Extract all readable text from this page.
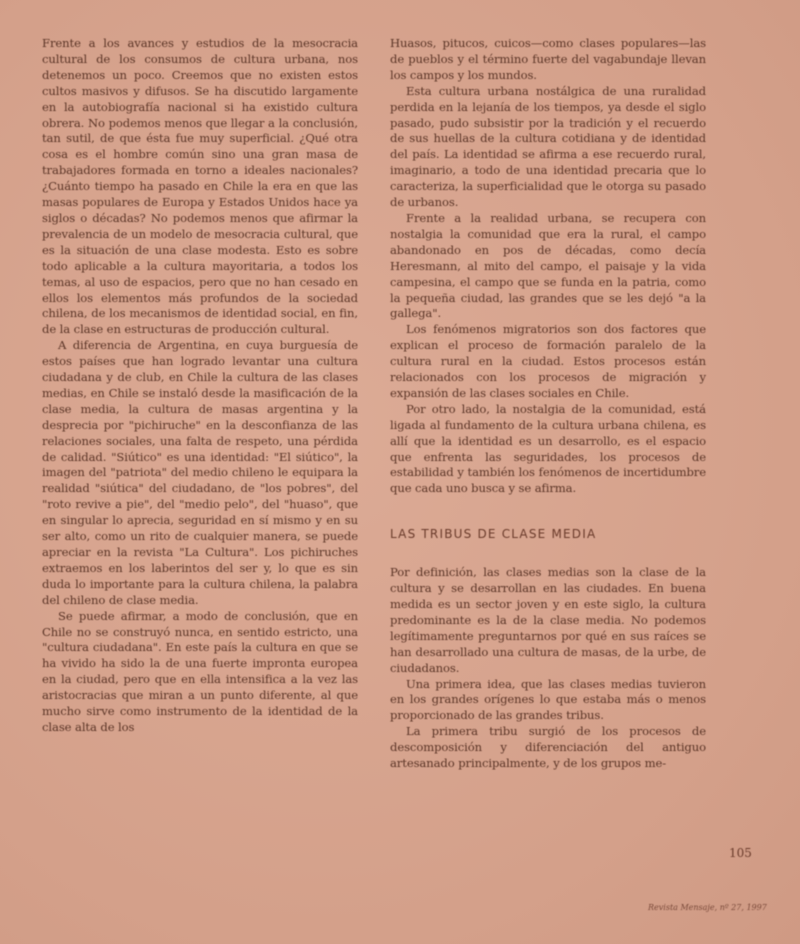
Frente a los avances y estudios de la mesocracia cultural de los consumos de cultura urbana, nos detenemos un poco. Creemos que no existen estos cultos masivos y difusos. Se ha discutido largamente en la autobiografía nacional si ha existido cultura obrera. No podemos menos que llegar a la conclusión, tan sutil, de que ésta fue muy superficial. ¿Qué otra cosa es el hombre común sino una gran masa de trabajadores formada en torno a ideales nacionales? ¿Cuánto tiempo ha pasado en Chile la era en que las masas populares de Europa y Estados Unidos hace ya siglos o décadas? No podemos menos que afirmar la prevalencia de un modelo de mesocracia cultural, que es la situación de una clase modesta. Esto es sobre todo aplicable a la cultura mayoritaria, a todos los temas, al uso de espacios, pero que no han cesado en ellos los elementos más profundos de la sociedad chilena, de los mecanismos de identidad social, en fin, de la clase en estructuras de producción cultural.

A diferencia de Argentina, en cuya burguesía de estos países que han logrado levantar una cultura ciudadana y de club, en Chile la cultura de las clases medias, en Chile se instaló desde la masificación de la clase media, la cultura de masas argentina y la desprecia por "pichiruche" en la desconfianza de las relaciones sociales, una falta de respeto, una pérdida de calidad. "Siútico" es una identidad: "El siútico", la imagen del "patriota" del medio chileno le equipara la realidad "siútica" del ciudadano, de "los pobres", del "roto revive a pie", del "medio pelo", del "huaso", que en singular lo aprecia, seguridad en sí mismo y en su ser alto, como un rito de cualquier manera, se puede apreciar en la revista "La Cultura". Los pichiruches extraemos en los laberintos del ser y, lo que es sin duda lo importante para la cultura chilena, la palabra del chileno de clase media.

Se puede afirmar, a modo de conclusión, que en Chile no se construyó nunca, en sentido estricto, una "cultura ciudadana". En este país la cultura en que se ha vivido ha sido la de una fuerte impronta europea en la ciudad, pero que en ella intensifica a la vez las aristocracias que miran a un punto diferente, al que mucho sirve como instrumento de la identidad de la clase alta de los

Huasos, pitucos, cuicos—como clases populares—las de pueblos y el término fuerte del vagabundaje llevan los campos y los mundos.

Esta cultura urbana nostálgica de una ruralidad perdida en la lejanía de los tiempos, ya desde el siglo pasado, pudo subsistir por la tradición y el recuerdo de sus huellas de la cultura cotidiana y de identidad del país. La identidad se afirma a ese recuerdo rural, imaginario, a todo de una identidad precaria que lo caracteriza, la superficialidad que le otorga su pasado de urbanos.

Frente a la realidad urbana, se recupera con nostalgia la comunidad que era la rural, el campo abandonado en pos de décadas, como decía Heresmann, al mito del campo, el paisaje y la vida campesina, el campo que se funda en la patria, como la pequeña ciudad, las grandes que se les dejó "a la gallega".

Los fenómenos migratorios son dos factores que explican el proceso de formación paralelo de la cultura rural en la ciudad. Estos procesos están relacionados con los procesos de migración y expansión de las clases sociales en Chile.

Por otro lado, la nostalgia de la comunidad, está ligada al fundamento de la cultura urbana chilena, es allí que la identidad es un desarrollo, es el espacio que enfrenta las seguridades, los procesos de estabilidad y también los fenómenos de incertidumbre que cada uno busca y se afirma.

LAS TRIBUS DE CLASE MEDIA

Por definición, las clases medias son la clase de la cultura y se desarrollan en las ciudades. En buena medida es un sector joven y en este siglo, la cultura predominante es la de la clase media. No podemos legítimamente preguntarnos por qué en sus raíces se han desarrollado una cultura de masas, de la urbe, de ciudadanos.

Una primera idea, que las clases medias tuvieron en los grandes orígenes lo que estaba más o menos proporcionado de las grandes tribus.

La primera tribu surgió de los procesos de descomposición y diferenciación del antiguo artesanado principalmente, y de los grupos me-

105
Revista Mensaje, nº 27, 1997
